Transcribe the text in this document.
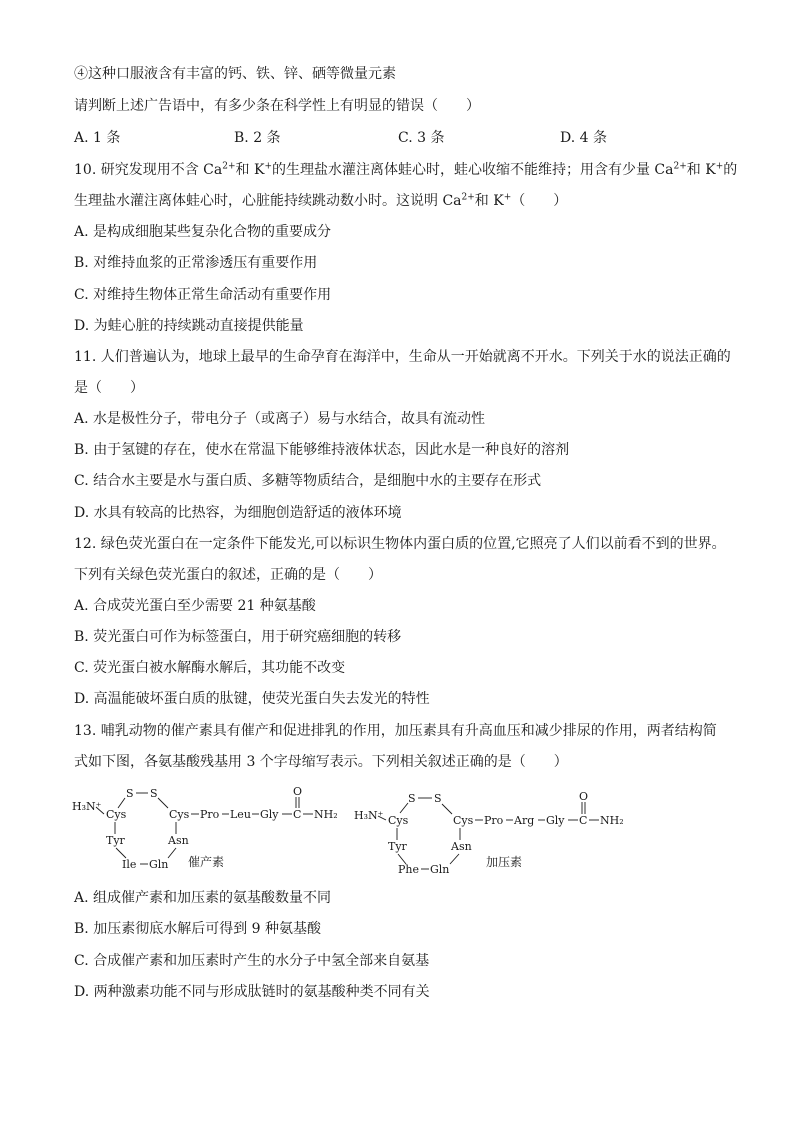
④这种口服液含有丰富的钙、铁、锌、硒等微量元素
请判断上述广告语中，有多少条在科学性上有明显的错误（　　）
A. 1 条	B. 2 条	C. 3 条	D. 4 条
10. 研究发现用不含 $Ca^{2+}$和 K+的生理盐水灌注离体蛙心时，蛙心收缩不能维持；用含有少量 $Ca^{2+}$和 K+的
生理盐水灌注离体蛙心时，心脏能持续跳动数小时。这说明 $Ca^{2+}$和 K+（　　）
A. 是构成细胞某些复杂化合物的重要成分
B. 对维持血浆的正常渗透压有重要作用
C. 对维持生物体正常生命活动有重要作用
D. 为蛙心脏的持续跳动直接提供能量
11. 人们普遍认为，地球上最早的生命孕育在海洋中，生命从一开始就离不开水。下列关于水的说法正确的
是（　　）
A. 水是极性分子，带电分子（或离子）易与水结合，故具有流动性
B. 由于氢键的存在，使水在常温下能够维持液体状态，因此水是一种良好的溶剂
C. 结合水主要是水与蛋白质、多糖等物质结合，是细胞中水的主要存在形式
D. 水具有较高的比热容，为细胞创造舒适的液体环境
12. 绿色荧光蛋白在一定条件下能发光,可以标识生物体内蛋白质的位置,它照亮了人们以前看不到的世界。
下列有关绿色荧光蛋白的叙述，正确的是（　　）
A. 合成荧光蛋白至少需要 21 种氨基酸
B. 荧光蛋白可作为标签蛋白，用于研究癌细胞的转移
C. 荧光蛋白被水解酶水解后，其功能不改变
D. 高温能破坏蛋白质的肽键，使荧光蛋白失去发光的特性
13. 哺乳动物的催产素具有催产和促进排乳的作用，加压素具有升高血压和减少排尿的作用，两者结构简
式如下图，各氨基酸残基用 3 个字母缩写表示。下列相关叙述正确的是（　　）
H₃N⁺
Cys
S S
Cys Pro Leu Gly C
O
NH₂
Tyr	Asn
Ile Gln 催产素
H₃N⁺ Cys
S S
Cys Pro Arg Gly C
O
NH₂
Tyr	Asn
Phe Gln
加压素
A. 组成催产素和加压素的氨基酸数量不同
B. 加压素彻底水解后可得到 9 种氨基酸
C. 合成催产素和加压素时产生的水分子中氢全部来自氨基
D. 两种激素功能不同与形成肽链时的氨基酸种类不同有关
